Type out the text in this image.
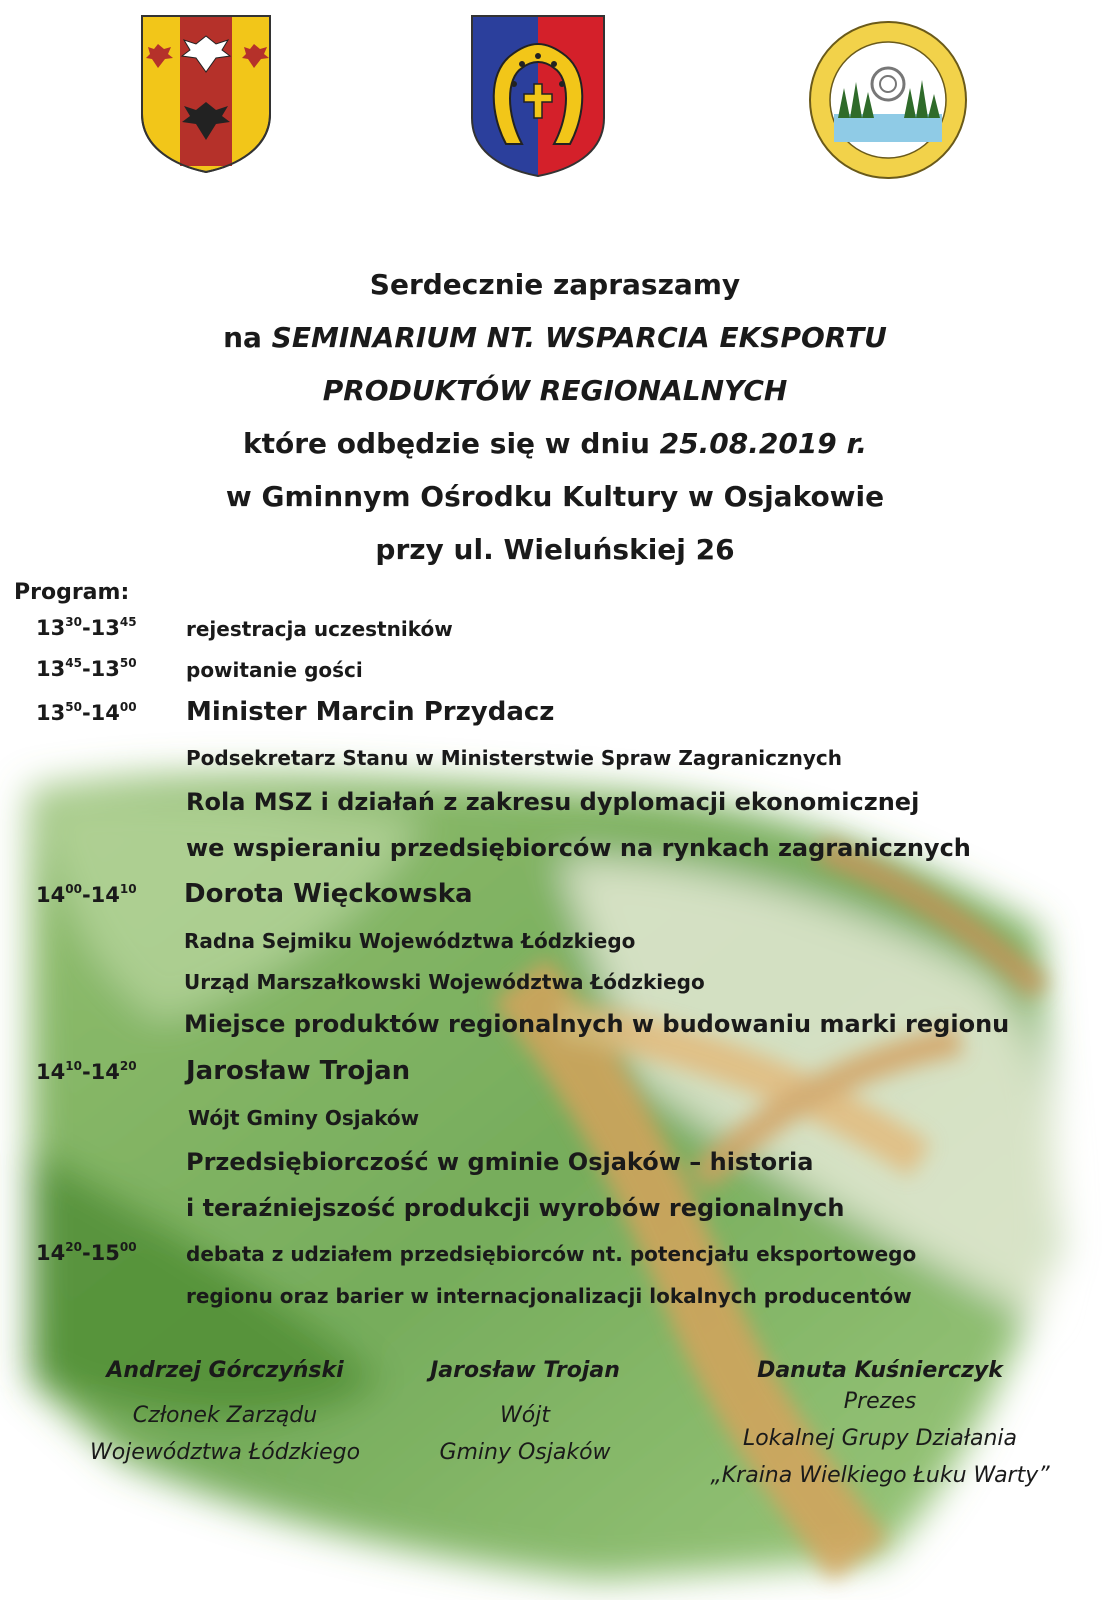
Serdecznie zapraszamy
na SEMINARIUM NT. WSPARCIA EKSPORTU
PRODUKTÓW REGIONALNYCH
które odbędzie się w dniu 25.08.2019 r.
w Gminnym Ośrodku Kultury w Osjakowie
przy ul. Wieluńskiej 26
Program:
$13^{30}-13^{45}$ rejestracja uczestników
$13^{45}-13^{50}$ powitanie gości
$13^{50}-14^{00}$ Minister Marcin Przydacz
Podsekretarz Stanu w Ministerstwie Spraw Zagranicznych
Rola MSZ i działań z zakresu dyplomacji ekonomicznej
we wspieraniu przedsiębiorców na rynkach zagranicznych
$14^{00}-14^{10}$ Dorota Więckowska
Radna Sejmiku Województwa Łódzkiego
Urząd Marszałkowski Województwa Łódzkiego
Miejsce produktów regionalnych w budowaniu marki regionu
$14^{10}-14^{20}$ Jarosław Trojan
Wójt Gminy Osjaków
Przedsiębiorczość w gminie Osjaków – historia
i teraźniejszość produkcji wyrobów regionalnych
$14^{20}-15^{00}$ debata z udziałem przedsiębiorców nt. potencjału eksportowego
regionu oraz barier w internacjonalizacji lokalnych producentów
Andrzej Górczyński
Członek Zarządu
Województwa Łódzkiego
Jarosław Trojan
Wójt
Gminy Osjaków
Danuta Kuśnierczyk
Prezes
Lokalnej Grupy Działania
„Kraina Wielkiego Łuku Warty”
